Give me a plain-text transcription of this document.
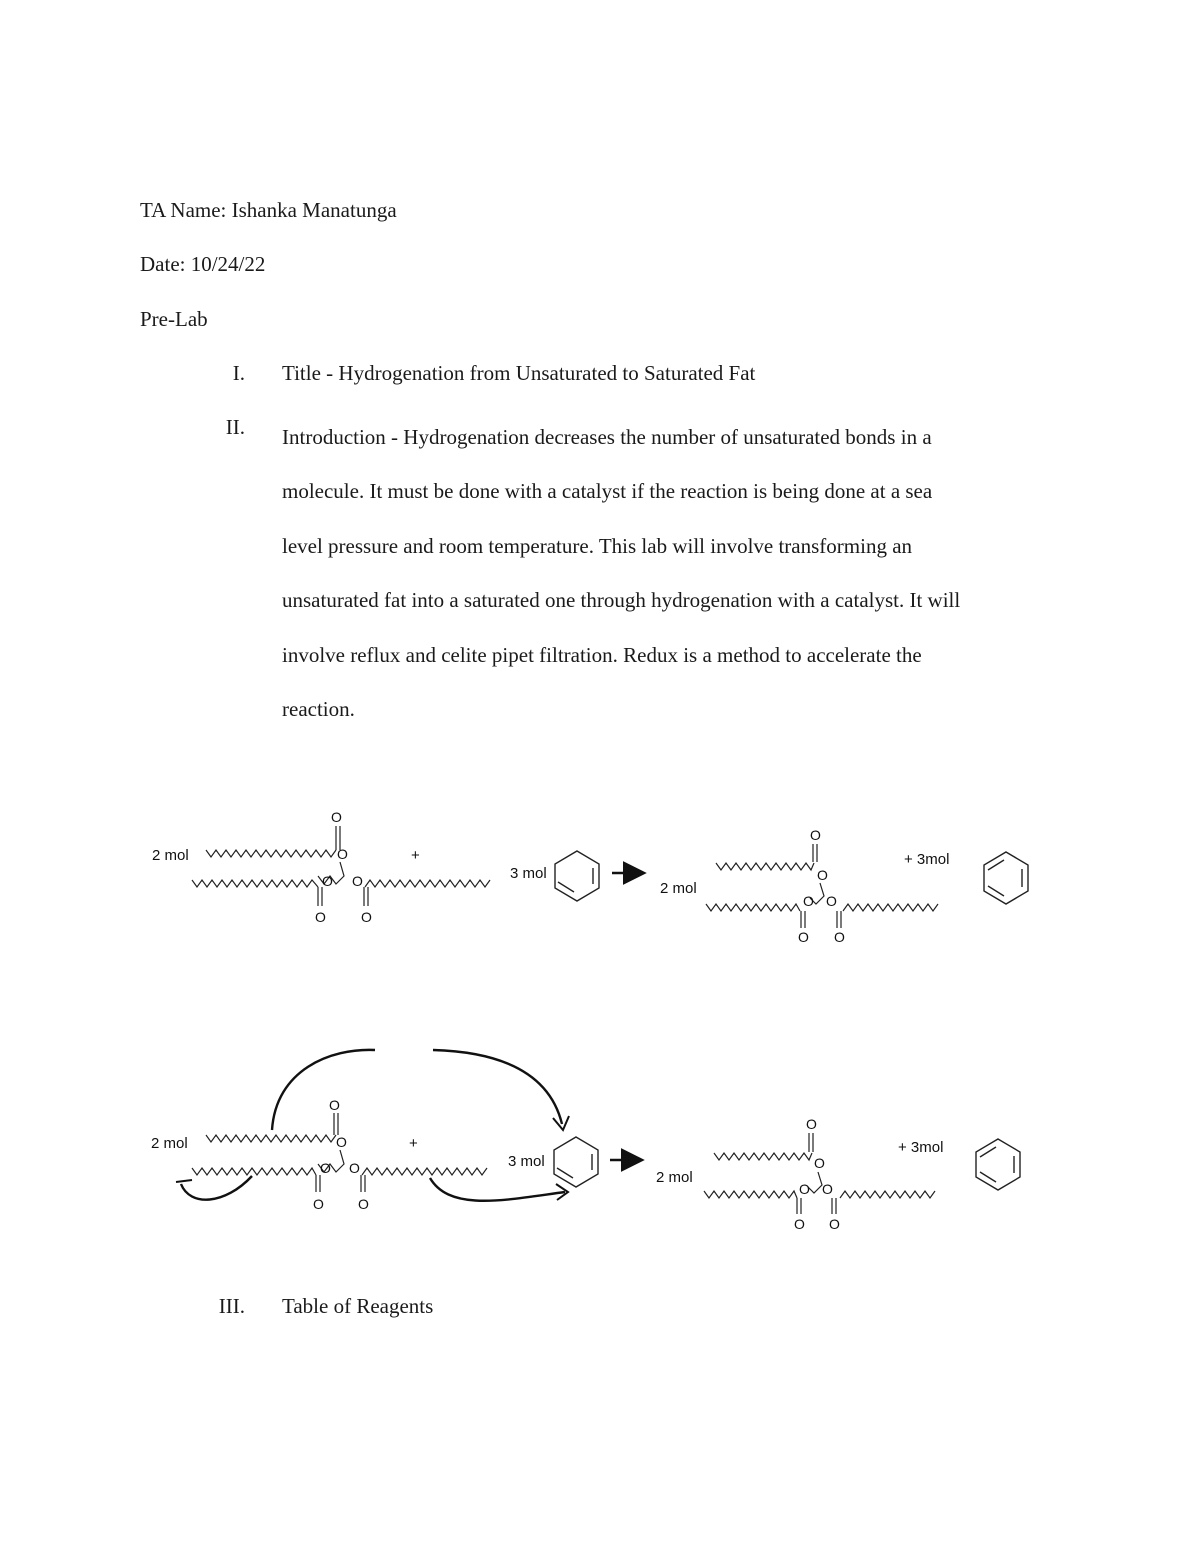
TA Name: Ishanka Manatunga
Date: 10/24/22
Pre-Lab
I. Title - Hydrogenation from Unsaturated to Saturated Fat
II. Introduction - Hydrogenation decreases the number of unsaturated bonds in a
molecule. It must be done with a catalyst if the reaction is being done at a sea
level pressure and room temperature. This lab will involve transforming an
unsaturated fat into a saturated one through hydrogenation with a catalyst. It will
involve reflux and celite pipet filtration. Redux is a method to accelerate the
reaction.
2 mol
O
O
O
O
O
O
+
3 mol
2 mol
O
O
O
O
O
O
+ 3mol
2 mol
O
O
O
O
O
O
+
3 mol
2 mol
O
O
O
O
O
O
+ 3mol
III. Table of Reagents
